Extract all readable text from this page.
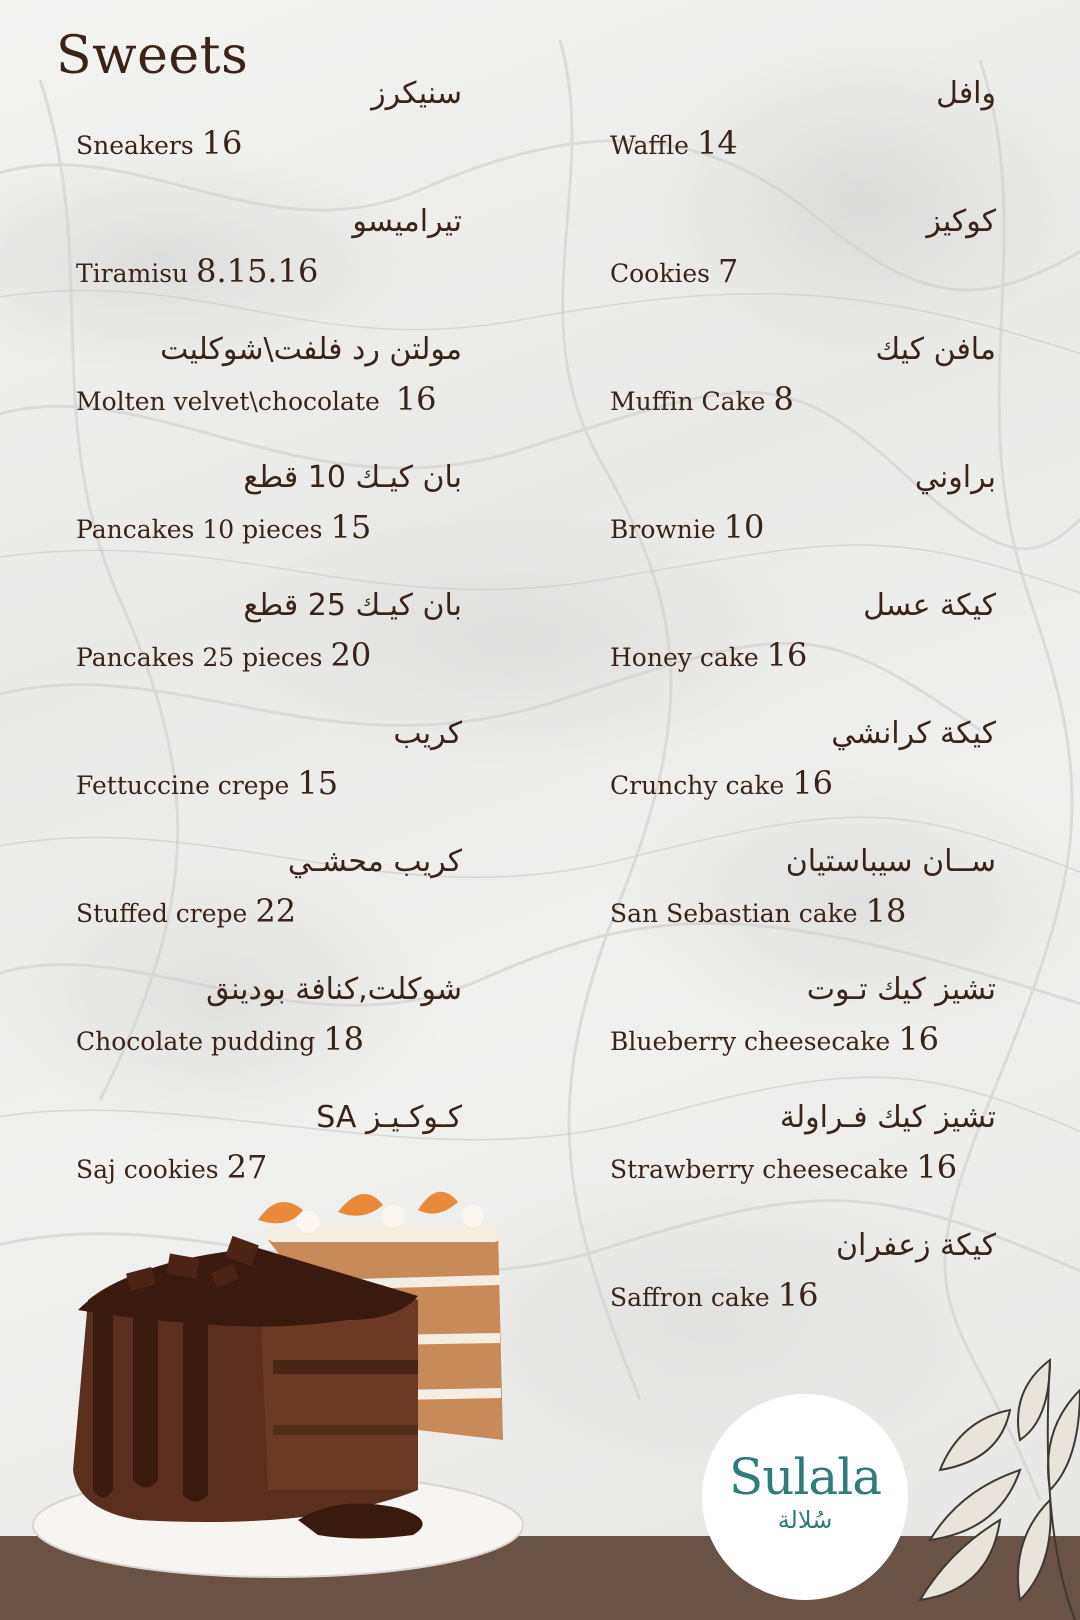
Sweets
سنيكرز
Sneakers 16
تيراميسو
Tiramisu 8.15.16
مولتن رد فلفت\شوكليت
Molten velvet\chocolate 16
بان كيـك 10 قطع
Pancakes 10 pieces 15
بان كيـك 25 قطع
Pancakes 25 pieces 20
كريب
Fettuccine crepe 15
كريب محشـي
Stuffed crepe 22
شوكلت,كنافة بودينق
Chocolate pudding 18
كـوكـيـز SA
Saj cookies 27
وافل
Waffle 14
كوكيز
Cookies 7
مافن كيك
Muffin Cake 8
براوني
Brownie 10
كيكة عسل
Honey cake 16
كيكة كرانشي
Crunchy cake 16
ســان سيباستيان
San Sebastian cake 18
تشيز كيك تـوت
Blueberry cheesecake 16
تشيز كيك فـراولة
Strawberry cheesecake 16
كيكة زعفران
Saffron cake 16
Sulala
سُلالة
